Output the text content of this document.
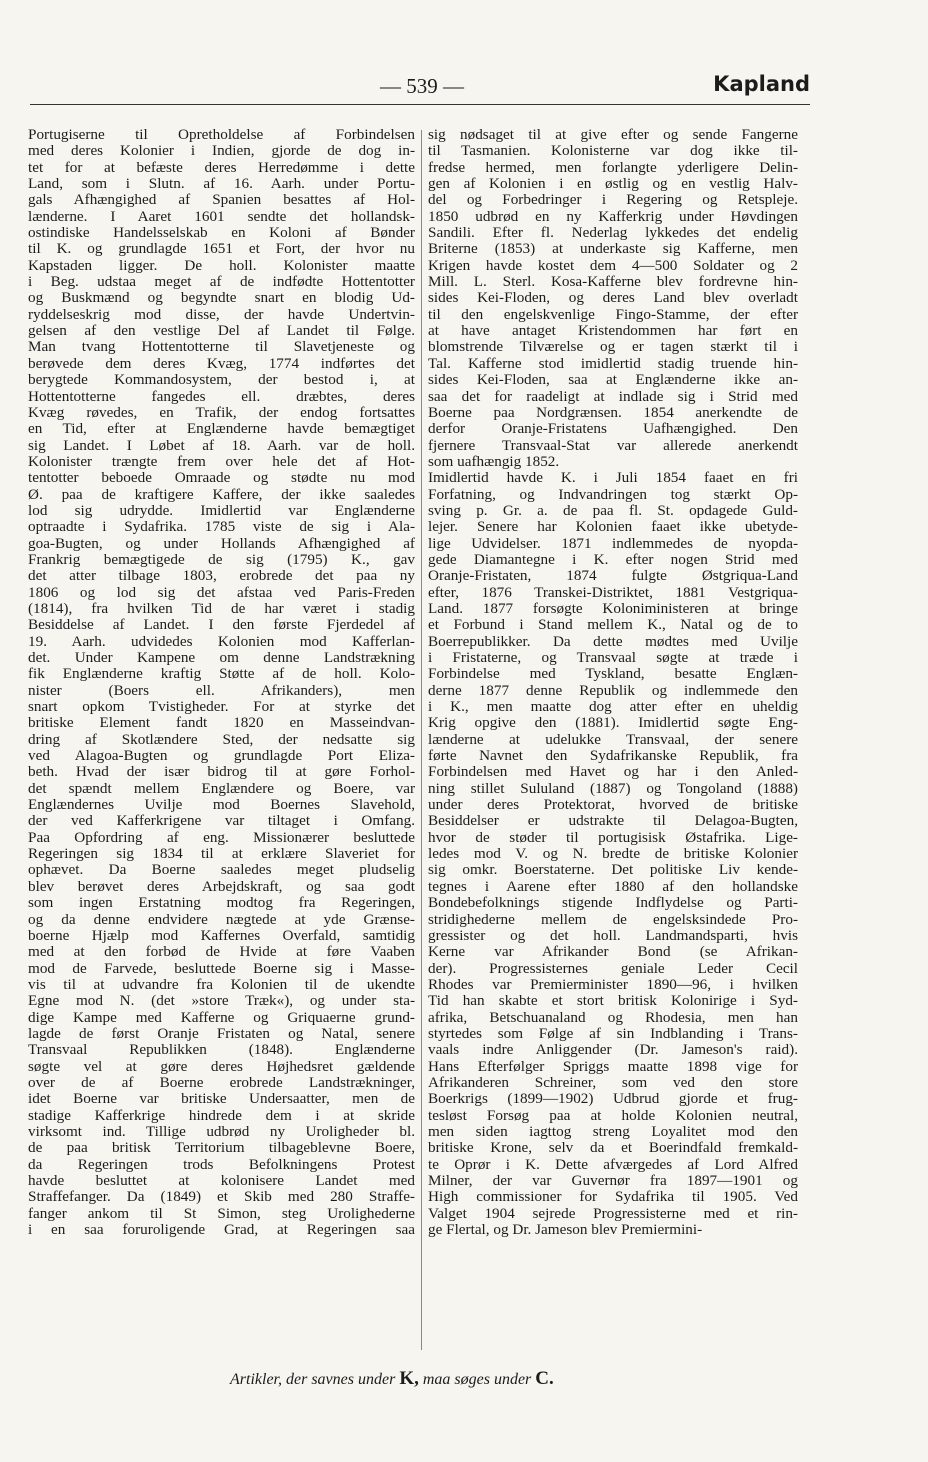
— 539 —	Kapland
Portugiserne til Opretholdelse af Forbindelsen
med deres Kolonier i Indien, gjorde de dog in-
tet for at befæste deres Herredømme i dette
Land, som i Slutn. af 16. Aarh. under Portu-
gals Afhængighed af Spanien besattes af Hol-
lænderne. I Aaret 1601 sendte det hollandsk-
ostindiske Handelsselskab en Koloni af Bønder
til K. og grundlagde 1651 et Fort, der hvor nu
Kapstaden ligger. De holl. Kolonister maatte
i Beg. udstaa meget af de indfødte Hottentotter
og Buskmænd og begyndte snart en blodig Ud-
ryddelseskrig mod disse, der havde Undertvin-
gelsen af den vestlige Del af Landet til Følge.
Man tvang Hottentotterne til Slavetjeneste og
berøvede dem deres Kvæg, 1774 indførtes det
berygtede Kommandosystem, der bestod i, at
Hottentotterne fangedes ell. dræbtes, deres
Kvæg røvedes, en Trafik, der endog fortsattes
en Tid, efter at Englænderne havde bemægtiget
sig Landet. I Løbet af 18. Aarh. var de holl.
Kolonister trængte frem over hele det af Hot-
tentotter beboede Omraade og stødte nu mod
Ø. paa de kraftigere Kaffere, der ikke saaledes
lod sig udrydde. Imidlertid var Englænderne
optraadte i Sydafrika. 1785 viste de sig i Ala-
goa-Bugten, og under Hollands Afhængighed af
Frankrig bemægtigede de sig (1795) K., gav
det atter tilbage 1803, erobrede det paa ny
1806 og lod sig det afstaa ved Paris-Freden
(1814), fra hvilken Tid de har været i stadig
Besiddelse af Landet. I den første Fjerdedel af
19. Aarh. udvidedes Kolonien mod Kafferlan-
det. Under Kampene om denne Landstrækning
fik Englænderne kraftig Støtte af de holl. Kolo-
nister (Boers ell. Afrikanders), men
snart opkom Tvistigheder. For at styrke det
britiske Element fandt 1820 en Masseindvan-
dring af Skotlændere Sted, der nedsatte sig
ved Alagoa-Bugten og grundlagde Port Eliza-
beth. Hvad der især bidrog til at gøre Forhol-
det spændt mellem Englændere og Boere, var
Englændernes Uvilje mod Boernes Slavehold,
der ved Kafferkrigene var tiltaget i Omfang.
Paa Opfordring af eng. Missionærer besluttede
Regeringen sig 1834 til at erklære Slaveriet for
ophævet. Da Boerne saaledes meget pludselig
blev berøvet deres Arbejdskraft, og saa godt
som ingen Erstatning modtog fra Regeringen,
og da denne endvidere nægtede at yde Grænse-
boerne Hjælp mod Kaffernes Overfald, samtidig
med at den forbød de Hvide at føre Vaaben
mod de Farvede, besluttede Boerne sig i Masse-
vis til at udvandre fra Kolonien til de ukendte
Egne mod N. (det »store Træk«), og under sta-
dige Kampe med Kafferne og Griquaerne grund-
lagde de først Oranje Fristaten og Natal, senere
Transvaal Republikken (1848). Englænderne
søgte vel at gøre deres Højhedsret gældende
over de af Boerne erobrede Landstrækninger,
idet Boerne var britiske Undersaatter, men de
stadige Kafferkrige hindrede dem i at skride
virksomt ind. Tillige udbrød ny Uroligheder bl.
de paa britisk Territorium tilbageblevne Boere,
da Regeringen trods Befolkningens Protest
havde besluttet at kolonisere Landet med
Straffefanger. Da (1849) et Skib med 280 Straffe-
fanger ankom til St Simon, steg Urolighederne
i en saa foruroligende Grad, at Regeringen saa
sig nødsaget til at give efter og sende Fangerne
til Tasmanien. Kolonisterne var dog ikke til-
fredse hermed, men forlangte yderligere Delin-
gen af Kolonien i en østlig og en vestlig Halv-
del og Forbedringer i Regering og Retspleje.
1850 udbrød en ny Kafferkrig under Høvdingen
Sandili. Efter fl. Nederlag lykkedes det endelig
Briterne (1853) at underkaste sig Kafferne, men
Krigen havde kostet dem 4—500 Soldater og 2
Mill. L. Sterl. Kosa-Kafferne blev fordrevne hin-
sides Kei-Floden, og deres Land blev overladt
til den engelskvenlige Fingo-Stamme, der efter
at have antaget Kristendommen har ført en
blomstrende Tilværelse og er tagen stærkt til i
Tal. Kafferne stod imidlertid stadig truende hin-
sides Kei-Floden, saa at Englænderne ikke an-
saa det for raadeligt at indlade sig i Strid med
Boerne paa Nordgrænsen. 1854 anerkendte de
derfor Oranje-Fristatens Uafhængighed. Den
fjernere Transvaal-Stat var allerede anerkendt
som uafhængig 1852.
Imidlertid havde K. i Juli 1854 faaet en fri
Forfatning, og Indvandringen tog stærkt Op-
sving p. Gr. a. de paa fl. St. opdagede Guld-
lejer. Senere har Kolonien faaet ikke ubetyde-
lige Udvidelser. 1871 indlemmedes de nyopda-
gede Diamantegne i K. efter nogen Strid med
Oranje-Fristaten, 1874 fulgte Østgriqua-Land
efter, 1876 Transkei-Distriktet, 1881 Vestgriqua-
Land. 1877 forsøgte Koloniministeren at bringe
et Forbund i Stand mellem K., Natal og de to
Boerrepublikker. Da dette mødtes med Uvilje
i Fristaterne, og Transvaal søgte at træde i
Forbindelse med Tyskland, besatte Englæn-
derne 1877 denne Republik og indlemmede den
i K., men maatte dog atter efter en uheldig
Krig opgive den (1881). Imidlertid søgte Eng-
lænderne at udelukke Transvaal, der senere
førte Navnet den Sydafrikanske Republik, fra
Forbindelsen med Havet og har i den Anled-
ning stillet Sululand (1887) og Tongoland (1888)
under deres Protektorat, hvorved de britiske
Besiddelser er udstrakte til Delagoa-Bugten,
hvor de støder til portugisisk Østafrika. Lige-
ledes mod V. og N. bredte de britiske Kolonier
sig omkr. Boerstaterne. Det politiske Liv kende-
tegnes i Aarene efter 1880 af den hollandske
Bondebefolknings stigende Indflydelse og Parti-
stridighederne mellem de engelsksindede Pro-
gressister og det holl. Landmandsparti, hvis
Kerne var Afrikander Bond (se Afrikan-
der). Progressisternes geniale Leder Cecil
Rhodes var Premierminister 1890—96, i hvilken
Tid han skabte et stort britisk Kolonirige i Syd-
afrika, Betschuanaland og Rhodesia, men han
styrtedes som Følge af sin Indblanding i Trans-
vaals indre Anliggender (Dr. Jameson's raid).
Hans Efterfølger Spriggs maatte 1898 vige for
Afrikanderen Schreiner, som ved den store
Boerkrigs (1899—1902) Udbrud gjorde et frug-
tesløst Forsøg paa at holde Kolonien neutral,
men siden iagttog streng Loyalitet mod den
britiske Krone, selv da et Boerindfald fremkald-
te Oprør i K. Dette afværgedes af Lord Alfred
Milner, der var Guvernør fra 1897—1901 og
High commissioner for Sydafrika til 1905. Ved
Valget 1904 sejrede Progressisterne med et rin-
ge Flertal, og Dr. Jameson blev Premiermini-
Artikler, der savnes under K, maa søges under C.
